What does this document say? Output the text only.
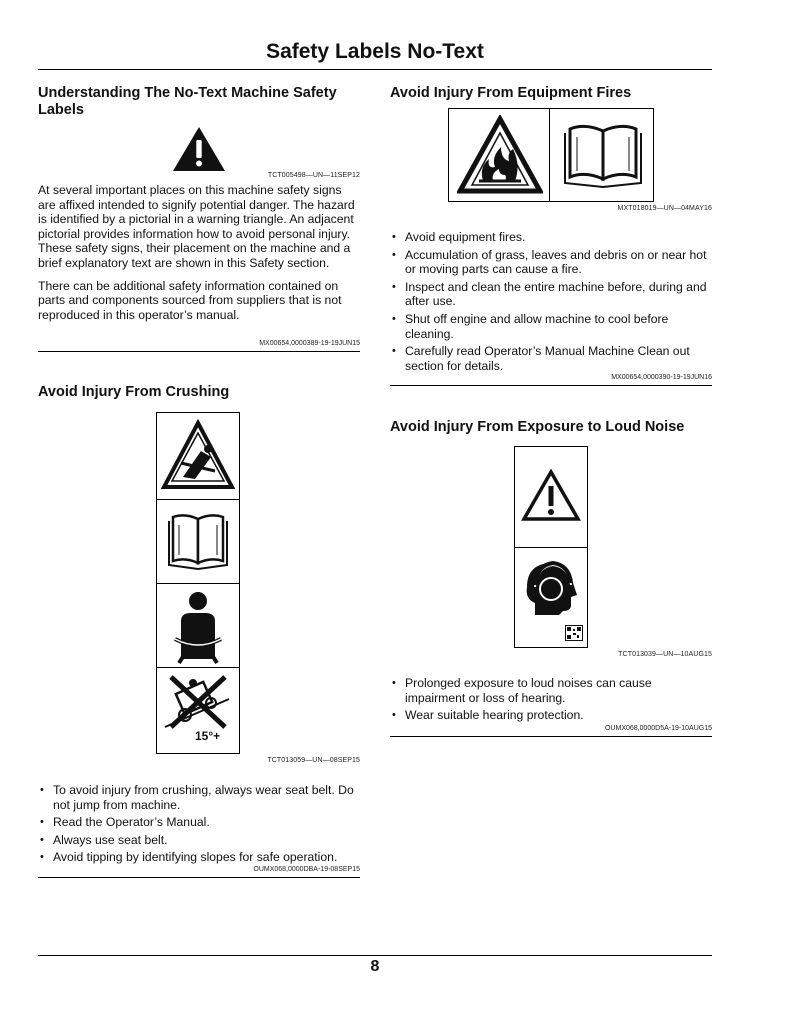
Safety Labels No-Text
Understanding The No-Text Machine Safety Labels
TCT005498—UN—11SEP12

At several important places on this machine safety signs are affixed intended to signify potential danger. The hazard is identified by a pictorial in a warning triangle. An adjacent pictorial provides information how to avoid personal injury. These safety signs, their placement on the machine and a brief explanatory text are shown in this Safety section.

There can be additional safety information contained on parts and components sourced from suppliers that is not reproduced in this operator’s manual.

MX00654,0000389-19-19JUN15
Avoid Injury From Crushing
15°+
TCT013059—UN—08SEP15
• To avoid injury from crushing, always wear seat belt. Do not jump from machine.
• Read the Operator’s Manual.
• Always use seat belt.
• Avoid tipping by identifying slopes for safe operation.
OUMX068,0000DBA-19-08SEP15
Avoid Injury From Equipment Fires
MXT018019—UN—04MAY16
• Avoid equipment fires.
• Accumulation of grass, leaves and debris on or near hot or moving parts can cause a fire.
• Inspect and clean the entire machine before, during and after use.
• Shut off engine and allow machine to cool before cleaning.
• Carefully read Operator’s Manual Machine Clean out section for details.
MX00654,0000390-19-19JUN16
Avoid Injury From Exposure to Loud Noise
TCT013039—UN—10AUG15
• Prolonged exposure to loud noises can cause impairment or loss of hearing.
• Wear suitable hearing protection.
OUMX068,0000D5A-19-10AUG15
8
